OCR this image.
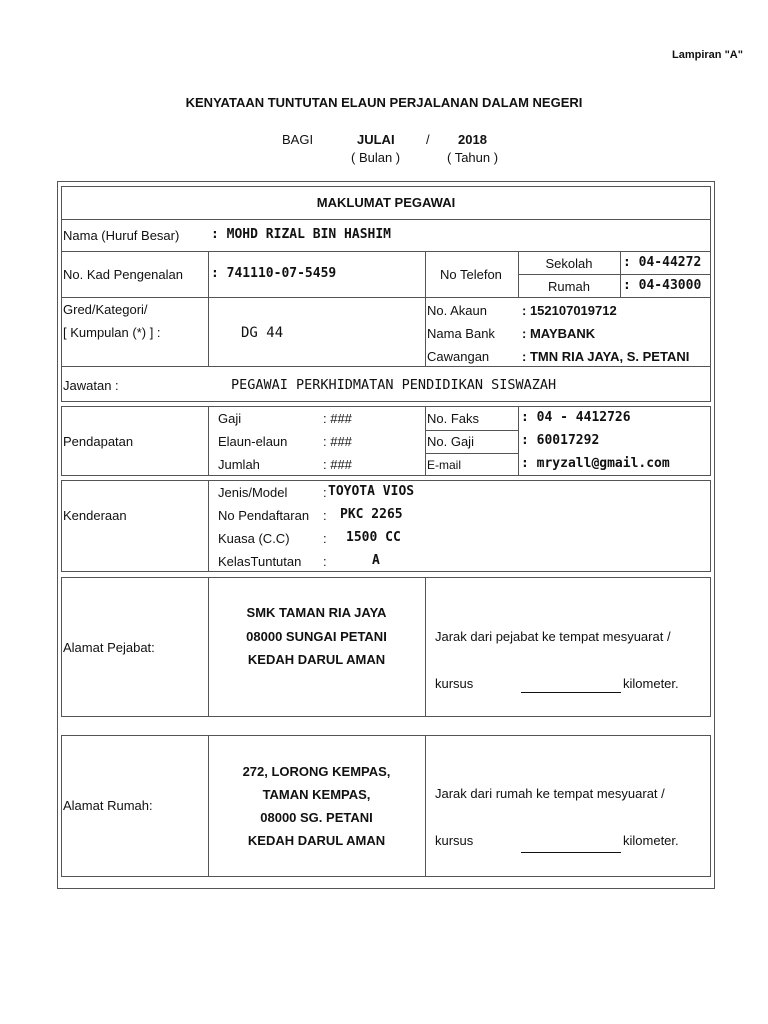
Lampiran "A"
KENYATAAN TUNTUTAN ELAUN PERJALANAN DALAM NEGERI
BAGI	JULAI / 2018
( Bulan )	( Tahun )
MAKLUMAT PEGAWAI
Nama (Huruf Besar) : MOHD RIZAL BIN HASHIM
No. Kad Pengenalan : 741110-07-5459	No Telefon
Sekolah	: 04-44272
Rumah	: 04-43000
Gred/Kategori/
[ Kumpulan (*) ] :	DG 44
No. Akaun	: 152107019712
Nama Bank : MAYBANK
Cawangan	: TMN RIA JAYA, S. PETANI
Jawatan :	PEGAWAI PERKHIDMATAN PENDIDIKAN SISWAZAH
Pendapatan
Gaji	: ###
Elaun-elaun	: ###
Jumlah	: ###
No. Faks	: 04 - 4412726
No. Gaji	: 60017292
E-mail	: mryzall@gmail.com
Kenderaan
Jenis/Model	: TOYOTA VIOS
No Pendaftaran : PKC 2265
Kuasa (C.C)	: 1500 CC
KelasTuntutan :	A
Alamat Pejabat:
SMK TAMAN RIA JAYA
08000 SUNGAI PETANI
KEDAH DARUL AMAN
Jarak dari pejabat ke tempat mesyuarat /
kursus	kilometer.
Alamat Rumah:
272, LORONG KEMPAS,
TAMAN KEMPAS,
08000 SG. PETANI
KEDAH DARUL AMAN
Jarak dari rumah ke tempat mesyuarat /
kursus	kilometer.
